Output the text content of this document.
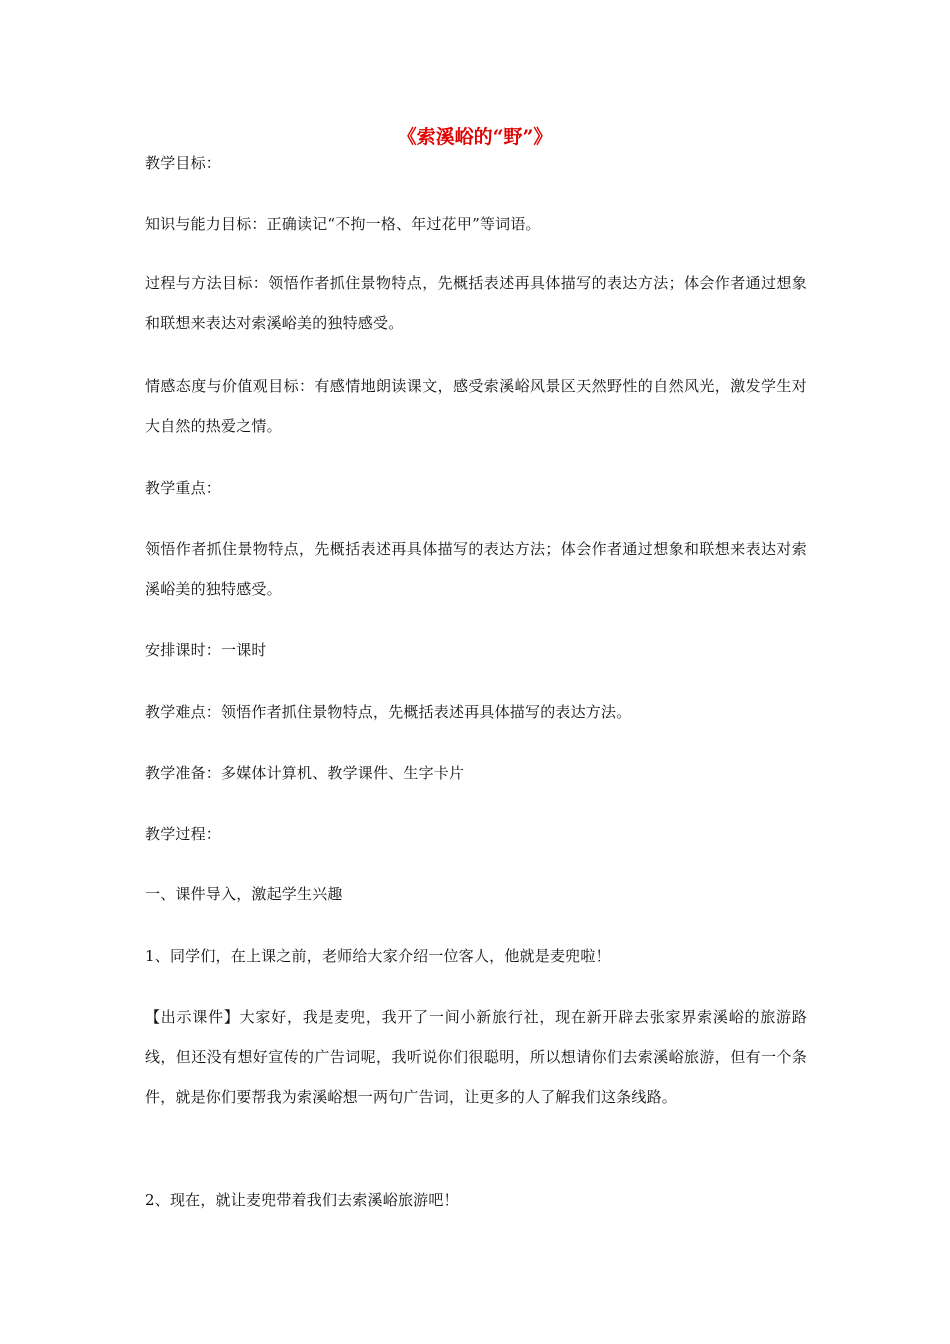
《索溪峪的“野”》

教学目标：

知识与能力目标：正确读记“不拘一格、年过花甲”等词语。

过程与方法目标：领悟作者抓住景物特点，先概括表述再具体描写的表达方法；体会作者通过想象和联想来表达对索溪峪美的独特感受。

情感态度与价值观目标：有感情地朗读课文，感受索溪峪风景区天然野性的自然风光，激发学生对大自然的热爱之情。

教学重点：

领悟作者抓住景物特点，先概括表述再具体描写的表达方法；体会作者通过想象和联想来表达对索溪峪美的独特感受。

安排课时：一课时

教学难点：领悟作者抓住景物特点，先概括表述再具体描写的表达方法。

教学准备：多媒体计算机、教学课件、生字卡片

教学过程：

一、课件导入，激起学生兴趣

1、同学们，在上课之前，老师给大家介绍一位客人，他就是麦兜啦！

【出示课件】大家好，我是麦兜，我开了一间小新旅行社，现在新开辟去张家界索溪峪的旅游路线，但还没有想好宣传的广告词呢，我听说你们很聪明，所以想请你们去索溪峪旅游，但有一个条件，就是你们要帮我为索溪峪想一两句广告词，让更多的人了解我们这条线路。

2、现在，就让麦兜带着我们去索溪峪旅游吧！
